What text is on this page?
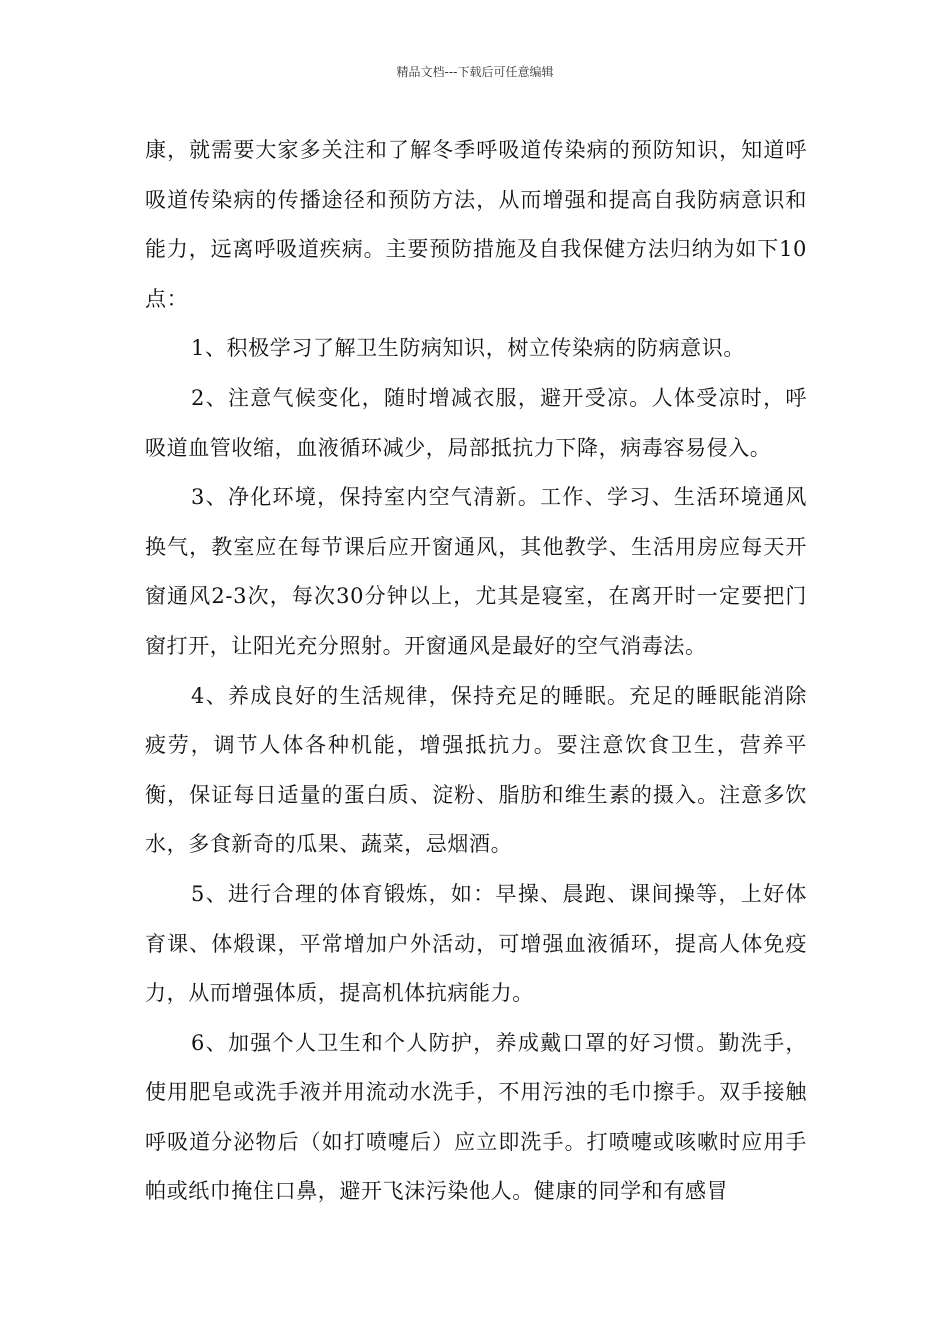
精品文档---下载后可任意编辑

康，就需要大家多关注和了解冬季呼吸道传染病的预防知识，知道呼吸道传染病的传播途径和预防方法，从而增强和提高自我防病意识和能力，远离呼吸道疾病。主要预防措施及自我保健方法归纳为如下10点：

1、积极学习了解卫生防病知识，树立传染病的防病意识。

2、注意气候变化，随时增减衣服，避开受凉。人体受凉时，呼吸道血管收缩，血液循环减少，局部抵抗力下降，病毒容易侵入。

3、净化环境，保持室内空气清新。工作、学习、生活环境通风换气，教室应在每节课后应开窗通风，其他教学、生活用房应每天开窗通风2-3次，每次30分钟以上，尤其是寝室，在离开时一定要把门窗打开，让阳光充分照射。开窗通风是最好的空气消毒法。

4、养成良好的生活规律，保持充足的睡眠。充足的睡眠能消除疲劳，调节人体各种机能，增强抵抗力。要注意饮食卫生，营养平衡，保证每日适量的蛋白质、淀粉、脂肪和维生素的摄入。注意多饮水，多食新奇的瓜果、蔬菜，忌烟酒。

5、进行合理的体育锻炼，如：早操、晨跑、课间操等，上好体育课、体煅课，平常增加户外活动，可增强血液循环，提高人体免疫力，从而增强体质，提高机体抗病能力。

6、加强个人卫生和个人防护，养成戴口罩的好习惯。勤洗手，使用肥皂或洗手液并用流动水洗手，不用污浊的毛巾擦手。双手接触呼吸道分泌物后（如打喷嚏后）应立即洗手。打喷嚏或咳嗽时应用手帕或纸巾掩住口鼻，避开飞沫污染他人。健康的同学和有感冒
